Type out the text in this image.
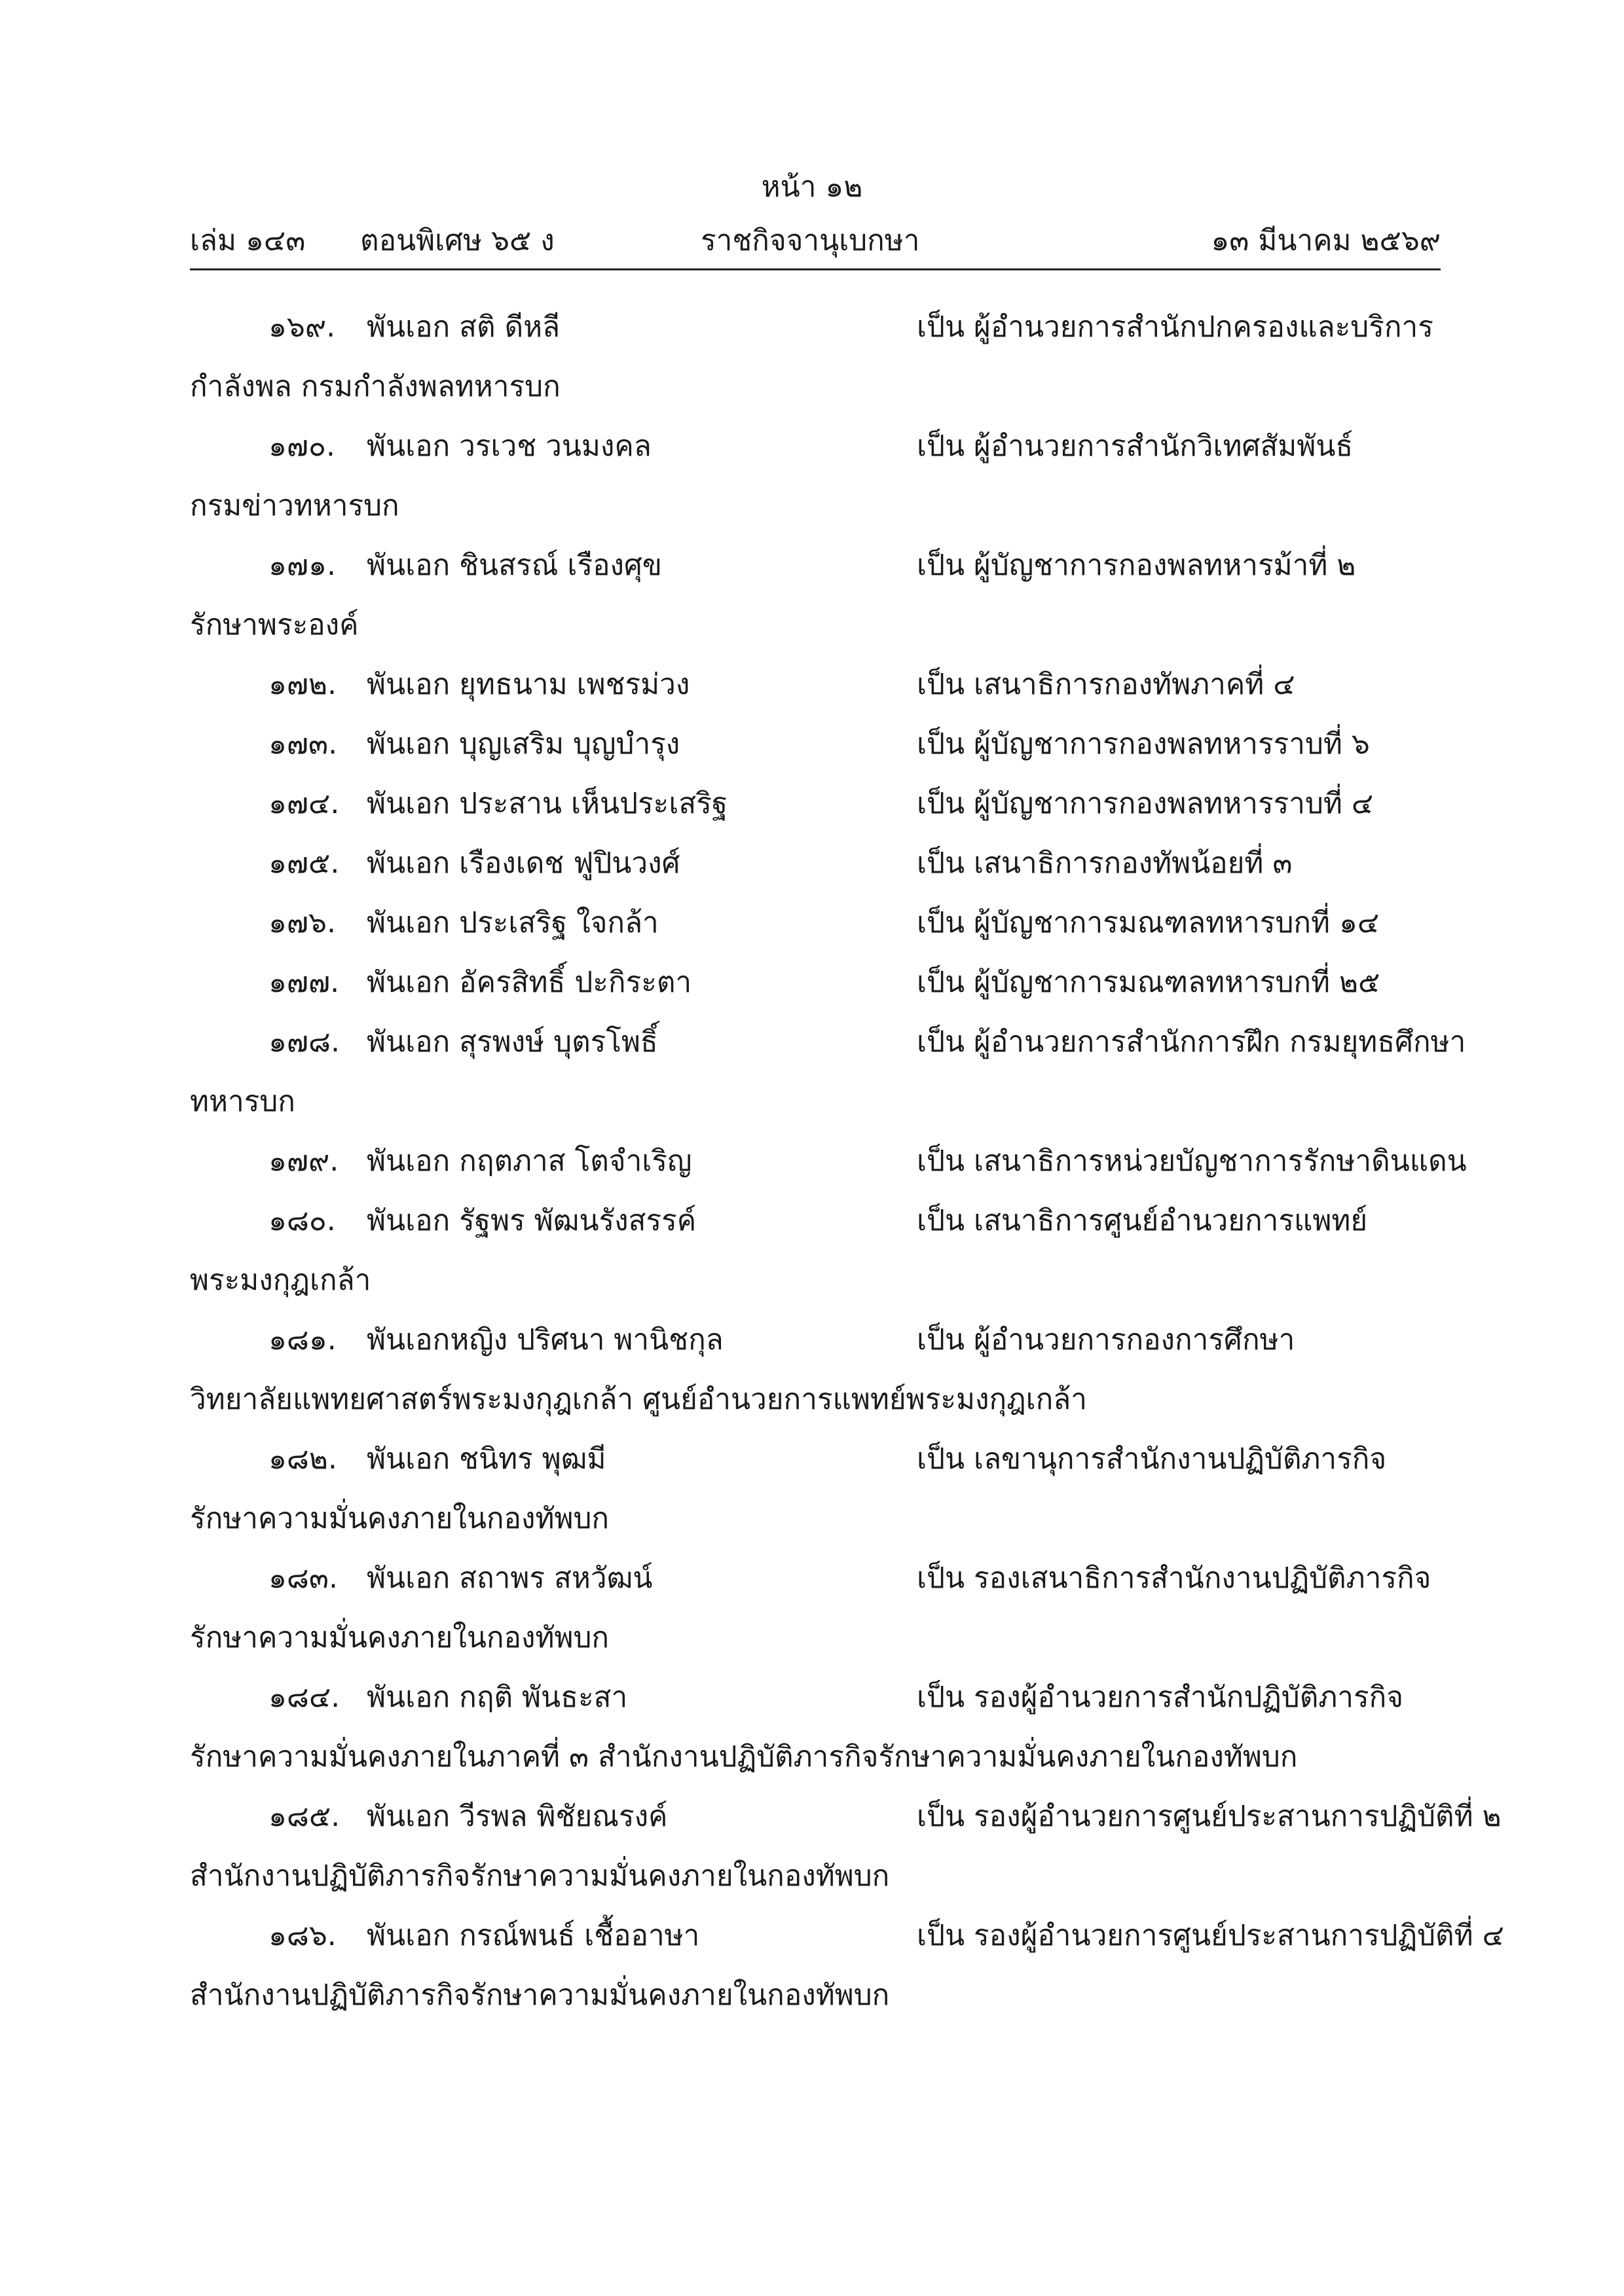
หน้า ๑๒
เล่ม ๑๔๓ ตอนพิเศษ ๖๕ ง	ราชกิจจานุเบกษา	๑๓ มีนาคม ๒๕๖๙
๑๖๙. พันเอก สติ ดีหลี	เป็น ผู้อำนวยการสำนักปกครองและบริการ
กำลังพล กรมกำลังพลทหารบก
๑๗๐. พันเอก วรเวช วนมงคล	เป็น ผู้อำนวยการสำนักวิเทศสัมพันธ์
กรมข่าวทหารบก
๑๗๑. พันเอก ชินสรณ์ เรืองศุข	เป็น ผู้บัญชาการกองพลทหารม้าที่ ๒
รักษาพระองค์
๑๗๒. พันเอก ยุทธนาม เพชรม่วง	เป็น เสนาธิการกองทัพภาคที่ ๔
๑๗๓. พันเอก บุญเสริม บุญบำรุง	เป็น ผู้บัญชาการกองพลทหารราบที่ ๖
๑๗๔. พันเอก ประสาน เห็นประเสริฐ	เป็น ผู้บัญชาการกองพลทหารราบที่ ๔
๑๗๕. พันเอก เรืองเดช ฟูปินวงศ์	เป็น เสนาธิการกองทัพน้อยที่ ๓
๑๗๖. พันเอก ประเสริฐ ใจกล้า	เป็น ผู้บัญชาการมณฑลทหารบกที่ ๑๔
๑๗๗. พันเอก อัครสิทธิ์ ปะกิระตา	เป็น ผู้บัญชาการมณฑลทหารบกที่ ๒๕
๑๗๘. พันเอก สุรพงษ์ บุตรโพธิ์	เป็น ผู้อำนวยการสำนักการฝึก กรมยุทธศึกษา
ทหารบก
๑๗๙. พันเอก กฤตภาส โตจำเริญ	เป็น เสนาธิการหน่วยบัญชาการรักษาดินแดน
๑๘๐. พันเอก รัฐพร พัฒนรังสรรค์	เป็น เสนาธิการศูนย์อำนวยการแพทย์
พระมงกุฎเกล้า
๑๘๑. พันเอกหญิง ปริศนา พานิชกุล	เป็น ผู้อำนวยการกองการศึกษา
วิทยาลัยแพทยศาสตร์พระมงกุฎเกล้า ศูนย์อำนวยการแพทย์พระมงกุฎเกล้า
๑๘๒. พันเอก ชนิทร พุฒมี	เป็น เลขานุการสำนักงานปฏิบัติภารกิจ
รักษาความมั่นคงภายในกองทัพบก
๑๘๓. พันเอก สถาพร สหวัฒน์	เป็น รองเสนาธิการสำนักงานปฏิบัติภารกิจ
รักษาความมั่นคงภายในกองทัพบก
๑๘๔. พันเอก กฤติ พันธะสา	เป็น รองผู้อำนวยการสำนักปฏิบัติภารกิจ
รักษาความมั่นคงภายในภาคที่ ๓ สำนักงานปฏิบัติภารกิจรักษาความมั่นคงภายในกองทัพบก
๑๘๕. พันเอก วีรพล พิชัยณรงค์	เป็น รองผู้อำนวยการศูนย์ประสานการปฏิบัติที่ ๒
สำนักงานปฏิบัติภารกิจรักษาความมั่นคงภายในกองทัพบก
๑๘๖. พันเอก กรณ์พนธ์ เชื้ออาษา	เป็น รองผู้อำนวยการศูนย์ประสานการปฏิบัติที่ ๔
สำนักงานปฏิบัติภารกิจรักษาความมั่นคงภายในกองทัพบก
